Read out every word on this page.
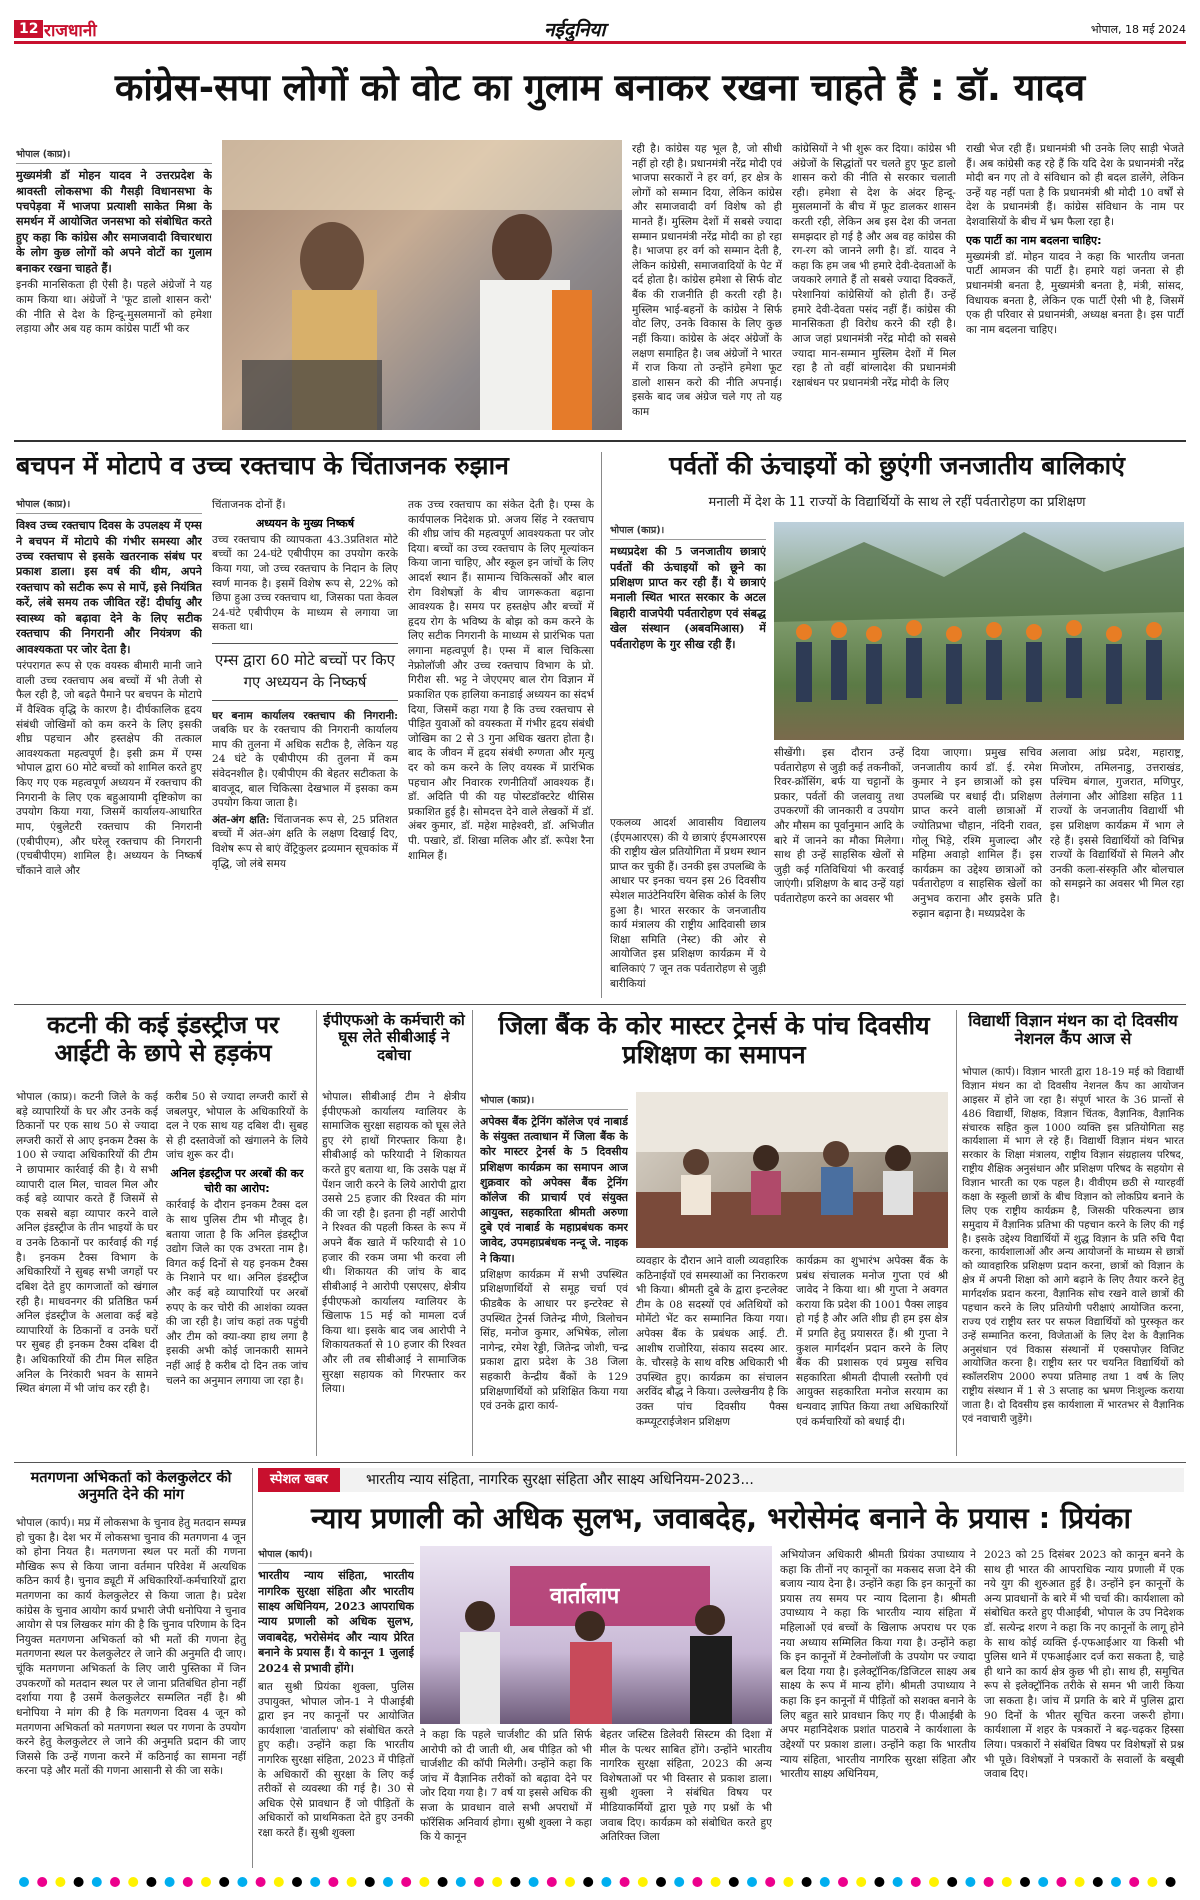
12 राजधानी	नईदुनिया	भोपाल, 18 मई 2024
कांग्रेस-सपा लोगों को वोट का गुलाम बनाकर रखना चाहते हैं : डॉ. यादव
भोपाल (काप्र)।

मुख्यमंत्री डॉ मोहन यादव ने उत्तरप्रदेश के श्रावस्ती लोकसभा की गैसड़ी विधानसभा के पचपेड़वा में भाजपा प्रत्याशी साकेत मिश्रा के समर्थन में आयोजित जनसभा को संबोधित करते हुए कहा कि कांग्रेस और समाजवादी विचारधारा के लोग कुछ लोगों को अपने वोटों का गुलाम बनाकर रखना चाहते हैं।

इनकी मानसिकता ही ऐसी है। पहले अंग्रेजों ने यह काम किया था। अंग्रेजों ने 'फूट डालो शासन करो' की नीति से देश के हिन्दू-मुसलमानों को हमेशा लड़ाया और अब यह काम कांग्रेस पार्टी भी कर

रही है। कांग्रेस यह भूल है, जो सीधी नहीं हो रही है। प्रधानमंत्री नरेंद्र मोदी एवं भाजपा सरकारों ने हर वर्ग, हर क्षेत्र के लोगों को सम्मान दिया, लेकिन कांग्रेस और समाजवादी वर्ग विशेष को ही मानते हैं। मुस्लिम देशों में सबसे ज्यादा सम्मान प्रधानमंत्री नरेंद्र मोदी का हो रहा है। भाजपा हर वर्ग को सम्मान देती है, लेकिन कांग्रेसी, समाजवादियों के पेट में दर्द होता है। कांग्रेस हमेशा से सिर्फ वोट बैंक की राजनीति ही करती रही है। मुस्लिम भाई-बहनों के कांग्रेस ने सिर्फ वोट लिए, उनके विकास के लिए कुछ नहीं किया। कांग्रेस के अंदर अंग्रेजों के लक्षण समाहित है। जब अंग्रेजों ने भारत में राज किया तो उन्होंने हमेशा फूट डालो शासन करो की नीति अपनाई। इसके बाद जब अंग्रेज चले गए तो यह काम
कांग्रेसियों ने भी शुरू कर दिया। कांग्रेस भी अंग्रेजों के सिद्धांतों पर चलते हुए फूट डालो शासन करो की नीति से सरकार चलाती रही। हमेशा से देश के अंदर हिन्दू-मुसलमानों के बीच में फूट डालकर शासन करती रही, लेकिन अब इस देश की जनता समझदार हो गई है और अब वह कांग्रेस की रग-रग को जानने लगी है। डॉ. यादव ने कहा कि हम जब भी हमारे देवी-देवताओं के जयकारे लगाते हैं तो सबसे ज्यादा दिक्कतें, परेशानियां कांग्रेसियों को होती हैं। उन्हें हमारे देवी-देवता पसंद नहीं हैं। कांग्रेस की मानसिकता ही विरोध करने की रही है। आज जहां प्रधानमंत्री नरेंद्र मोदी को सबसे ज्यादा मान-सम्मान मुस्लिम देशों में मिल रहा है तो वहीं बांग्लादेश की प्रधानमंत्री रक्षाबंधन पर प्रधानमंत्री नरेंद्र मोदी के लिए

राखी भेज रही हैं। प्रधानमंत्री भी उनके लिए साड़ी भेजते हैं। अब कांग्रेसी कह रहे हैं कि यदि देश के प्रधानमंत्री नरेंद्र मोदी बन गए तो वे संविधान को ही बदल डालेंगे, लेकिन उन्हें यह नहीं पता है कि प्रधानमंत्री श्री मोदी 10 वर्षों से देश के प्रधानमंत्री हैं। कांग्रेस संविधान के नाम पर देशवासियों के बीच में भ्रम फैला रहा है।

एक पार्टी का नाम बदलना चाहिए:

मुख्यमंत्री डॉ. मोहन यादव ने कहा कि भारतीय जनता पार्टी आमजन की पार्टी है। हमारे यहां जनता से ही प्रधानमंत्री बनता है, मुख्यमंत्री बनता है, मंत्री, सांसद, विधायक बनता है, लेकिन एक पार्टी ऐसी भी है, जिसमें एक ही परिवार से प्रधानमंत्री, अध्यक्ष बनता है। इस पार्टी का नाम बदलना चाहिए।

बचपन में मोटापे व उच्च रक्तचाप के चिंताजनक रुझान
भोपाल (काप्र)।

विश्व उच्च रक्तचाप दिवस के उपलक्ष्य में एम्स ने बचपन में मोटापे की गंभीर समस्या और उच्च रक्तचाप से इसके खतरनाक संबंध पर प्रकाश डाला। इस वर्ष की थीम, अपने रक्तचाप को सटीक रूप से मापें, इसे नियंत्रित करें, लंबे समय तक जीवित रहें! दीर्घायु और स्वास्थ्य को बढ़ावा देने के लिए सटीक रक्तचाप की निगरानी और नियंत्रण की आवश्यकता पर जोर देता है।

परंपरागत रूप से एक वयस्क बीमारी मानी जाने वाली उच्च रक्तचाप अब बच्चों में भी तेजी से फैल रही है, जो बढ़ते पैमाने पर बचपन के मोटापे में वैश्विक वृद्धि के कारण है। दीर्घकालिक हृदय संबंधी जोखिमों को कम करने के लिए इसकी शीघ्र पहचान और हस्तक्षेप की तत्काल आवश्यकता महत्वपूर्ण है। इसी क्रम में एम्स भोपाल द्वारा 60 मोटे बच्चों को शामिल करते हुए किए गए एक महत्वपूर्ण अध्ययन में रक्तचाप की निगरानी के लिए एक बहुआयामी दृष्टिकोण का उपयोग किया गया, जिसमें कार्यालय-आधारित माप, एंबुलेटरी रक्तचाप की निगरानी (एबीपीएम), और घरेलू रक्तचाप की निगरानी (एचबीपीएम) शामिल है। अध्ययन के निष्कर्ष चौंकाने वाले और

चिंताजनक दोनों हैं।

अध्ययन के मुख्य निष्कर्ष

उच्च रक्तचाप की व्यापकता 43.3प्रतिशत मोटे बच्चों का 24-घंटे एबीपीएम का उपयोग करके किया गया, जो उच्च रक्तचाप के निदान के लिए स्वर्ण मानक है। इसमें विशेष रूप से, 22% को छिपा हुआ उच्च रक्तचाप था, जिसका पता केवल 24-घंटे एबीपीएम के माध्यम से लगाया जा सकता था।

एम्स द्वारा 60 मोटे बच्चों पर किए गए अध्ययन के निष्कर्ष

घर बनाम कार्यालय रक्तचाप की निगरानी: जबकि घर के रक्तचाप की निगरानी कार्यालय माप की तुलना में अधिक सटीक है, लेकिन यह 24 घंटे के एबीपीएम की तुलना में कम संवेदनशील है। एबीपीएम की बेहतर सटीकता के बावजूद, बाल चिकित्सा देखभाल में इसका कम उपयोग किया जाता है।

अंत-अंग क्षति: चिंताजनक रूप से, 25 प्रतिशत बच्चों में अंत-अंग क्षति के लक्षण दिखाई दिए, विशेष रूप से बाएं वेंट्रिकुलर द्रव्यमान सूचकांक में वृद्धि, जो लंबे समय

तक उच्च रक्तचाप का संकेत देती है। एम्स के कार्यपालक निदेशक प्रो. अजय सिंह ने रक्तचाप की शीघ्र जांच की महत्वपूर्ण आवश्यकता पर जोर दिया। बच्चों का उच्च रक्तचाप के लिए मूल्यांकन किया जाना चाहिए, और स्कूल इन जांचों के लिए आदर्श स्थान हैं। सामान्य चिकित्सकों और बाल रोग विशेषज्ञों के बीच जागरूकता बढ़ाना आवश्यक है। समय पर हस्तक्षेप और बच्चों में हृदय रोग के भविष्य के बोझ को कम करने के लिए सटीक निगरानी के माध्यम से प्रारंभिक पता लगाना महत्वपूर्ण है। एम्स में बाल चिकित्सा नेफ्रोलॉजी और उच्च रक्तचाप विभाग के प्रो. गिरीश सी. भट्ट ने जेएएमए बाल रोग विज्ञान में प्रकाशित एक हालिया कनाडाई अध्ययन का संदर्भ दिया, जिसमें कहा गया है कि उच्च रक्तचाप से पीड़ित युवाओं को वयस्कता में गंभीर हृदय संबंधी जोखिम का 2 से 3 गुना अधिक खतरा होता है। बाद के जीवन में हृदय संबंधी रुग्णता और मृत्यु दर को कम करने के लिए वयस्क में प्रारंभिक पहचान और निवारक रणनीतियाँ आवश्यक हैं। डॉ. अदिति पी की यह पोस्टडॉक्टरेट थीसिस प्रकाशित हुई है। सोमदत्त देने वाले लेखकों में डॉ. अंबर कुमार, डॉ. महेश माहेश्वरी, डॉ. अभिजीत पी. पखारे, डॉ. शिखा मलिक और डॉ. रूपेश रैना शामिल हैं।
पर्वतों की ऊंचाइयों को छुएंगी जनजातीय बालिकाएं
मनाली में देश के 11 राज्यों के विद्यार्थियों के साथ ले रहीं पर्वतारोहण का प्रशिक्षण
भोपाल (काप्र)।

मध्यप्रदेश की 5 जनजातीय छात्राएं पर्वतों की ऊंचाइयों को छूने का प्रशिक्षण प्राप्त कर रही हैं। ये छात्राएं मनाली स्थित भारत सरकार के अटल बिहारी वाजपेयी पर्वतारोहण एवं संबद्ध खेल संस्थान (अबवमिआस) में पर्वतारोहण के गुर सीख रही हैं।

एकलव्य आदर्श आवासीय विद्यालय (ईएमआरएस) की ये छात्राएं ईएमआरएस की राष्ट्रीय खेल प्रतियोगिता में प्रथम स्थान प्राप्त कर चुकी हैं। उनकी इस उपलब्धि के आधार पर इनका चयन इस 26 दिवसीय स्पेशल माउंटेनियरिंग बेसिक कोर्स के लिए हुआ है। भारत सरकार के जनजातीय कार्य मंत्रालय की राष्ट्रीय आदिवासी छात्र शिक्षा समिति (नेस्ट) की ओर से आयोजित इस प्रशिक्षण कार्यक्रम में ये बालिकाएं 7 जून तक पर्वतारोहण से जुड़ी बारीकियां
सीखेंगी। इस दौरान उन्हें पर्वतारोहण से जुड़ी कई तकनीकों, रिवर-क्रॉसिंग, बर्फ या चट्टानों के प्रकार, पर्वतों की जलवायु तथा उपकरणों की जानकारी व उपयोग और मौसम का पूर्वानुमान आदि के बारे में जानने का मौका मिलेगा। साथ ही उन्हें साहसिक खेलों से जुड़ी कई गतिविधियां भी करवाई जाएंगी। प्रशिक्षण के बाद उन्हें यहां पर्वतारोहण करने का अवसर भी
दिया जाएगा। प्रमुख सचिव जनजातीय कार्य डॉ. ई. रमेश कुमार ने इन छात्राओं को इस उपलब्धि पर बधाई दी। प्रशिक्षण प्राप्त करने वाली छात्राओं में ज्योतिप्रभा चौहान, नंदिनी रावत, गोलू भिड़े, रश्मि मुजाल्दा और महिमा अवाड़ो शामिल हैं। इस कार्यक्रम का उद्देश्य छात्राओं को पर्वतारोहण व साहसिक खेलों का अनुभव कराना और इसके प्रति रुझान बढ़ाना है। मध्यप्रदेश के
अलावा आंध्र प्रदेश, महाराष्ट्र, मिजोरम, तमिलनाडु, उत्तराखंड, पश्चिम बंगाल, गुजरात, मणिपुर, तेलंगाना और ओडिशा सहित 11 राज्यों के जनजातीय विद्यार्थी भी इस प्रशिक्षण कार्यक्रम में भाग ले रहे हैं। इससे विद्यार्थियों को विभिन्न राज्यों के विद्यार्थियों से मिलने और उनकी कला-संस्कृति और बोलचाल को समझने का अवसर भी मिल रहा है।
कटनी की कई इंडस्ट्रीज पर आईटी के छापे से हड़कंप
भोपाल (काप्र)। कटनी जिले के कई बड़े व्यापारियों के घर और उनके कई ठिकानों पर एक साथ 50 से ज्यादा लग्जरी कारों से आए इनकम टैक्स के 100 से ज्यादा अधिकारियों की टीम ने छापामार कार्रवाई की है। ये सभी व्यापारी दाल मिल, चावल मिल और कई बड़े व्यापार करते हैं जिसमें से एक सबसे बड़ा व्यापार करने वाले अनिल इंडस्ट्रीज के तीन भाइयों के घर व उनके ठिकानों पर कार्रवाई की गई है। इनकम टैक्स विभाग के अधिकारियों ने सुबह सभी जगहों पर दबिश देते हुए कागजातों को खंगाल रही है। माधवनगर की प्रतिष्ठित फर्म अनिल इंडस्ट्रीज के अलावा कई बड़े व्यापारियों के ठिकानों व उनके घरों पर सुबह ही इनकम टैक्स दबिश दी है। अधिकारियों की टीम मिल सहित अनिल के निरंकारी भवन के सामने स्थित बंगला में भी जांच कर रही है।

करीब 50 से ज्यादा लग्जरी कारों से जबलपुर, भोपाल के अधिकारियों के दल ने एक साथ यह दबिश दी। सुबह से ही दस्तावेजों को खंगालने के लिये जांच शुरू कर दी।

अनिल इंडस्ट्रीज पर अरबों की कर चोरी का आरोप:

कार्रवाई के दौरान इनकम टैक्स दल के साथ पुलिस टीम भी मौजूद है। बताया जाता है कि अनिल इंडस्ट्रीज उद्योग जिले का एक उभरता नाम है। विगत कई दिनों से यह इनकम टैक्स के निशाने पर था। अनिल इंडस्ट्रीज और कई बड़े व्यापारियों पर अरबों रुपए के कर चोरी की आशंका व्यक्त की जा रही है। जांच कहां तक पहुंची और टीम को क्या-क्या हाथ लगा है इसकी अभी कोई जानकारी सामने नहीं आई है करीब दो दिन तक जांच चलने का अनुमान लगाया जा रहा है।

ईपीएफओ के कर्मचारी को घूस लेते सीबीआई ने दबोचा
भोपाल। सीबीआई टीम ने क्षेत्रीय ईपीएफओ कार्यालय ग्वालियर के सामाजिक सुरक्षा सहायक को घूस लेते हुए रंगे हाथों गिरफ्तार किया है। सीबीआई को फरियादी ने शिकायत करते हुए बताया था, कि उसके पक्ष में पेंशन जारी करने के लिये आरोपी द्वारा उससे 25 हजार की रिश्वत की मांग की जा रही है। इतना ही नहीं आरोपी ने रिश्वत की पहली किस्त के रूप में अपने बैंक खाते में फरियादी से 10 हजार की रकम जमा भी करवा ली थी। शिकायत की जांच के बाद सीबीआई ने आरोपी एसएसए, क्षेत्रीय ईपीएफओ कार्यालय ग्वालियर के खिलाफ 15 मई को मामला दर्ज किया था। इसके बाद जब आरोपी ने शिकायतकर्ता से 10 हजार की रिश्वत और ली तब सीबीआई ने सामाजिक सुरक्षा सहायक को गिरफ्तार कर लिया।
जिला बैंक के कोर मास्टर ट्रेनर्स के पांच दिवसीय प्रशिक्षण का समापन
भोपाल (काप्र)।

अपेक्स बैंक ट्रेनिंग कॉलेज एवं नाबार्ड के संयुक्त तत्वाधान में जिला बैंक के कोर मास्टर ट्रेनर्स के 5 दिवसीय प्रशिक्षण कार्यक्रम का समापन आज शुक्रवार को अपेक्स बैंक ट्रेनिंग कॉलेज की प्राचार्य एवं संयुक्त आयुक्त, सहकारिता श्रीमती अरुणा दुबे एवं नाबार्ड के महाप्रबंधक कमर जावेद, उपमहाप्रबंधक नन्दू जे. नाइक ने किया।

प्रशिक्षण कार्यक्रम में सभी उपस्थित प्रशिक्षणार्थियों से समूह चर्चा एवं फीडबैक के आधार पर इन्टरेक्ट से उपस्थित ट्रेनर्स जितेन्द्र मीणे, त्रिलोचन सिंह, मनोज कुमार, अभिषेक, लोला नागेन्द्र, रमेश रेड्डी, जितेन्द्र जोशी, चन्द्र प्रकाश द्वारा प्रदेश के 38 जिला सहकारी केन्द्रीय बैंकों के 129 प्रशिक्षणार्थियों को प्रशिक्षित किया गया एवं उनके द्वारा कार्य-

व्यवहार के दौरान आने वाली व्यवहारिक कठिनाईयों एवं समस्याओं का निराकरण भी किया। श्रीमती दुबे के द्वारा इन्टलेक्ट टीम के 08 सदस्यों एवं अतिथियों को मोमेंटो भेंट कर सम्मानित किया गया। अपेक्स बैंक के प्रबंधक आई. टी. आशीष राजोरिया, संकाय सदस्य आर. के. चौरसड़े के साथ वरिष्ठ अधिकारी भी उपस्थित हुए। कार्यक्रम का संचालन अरविंद बौद्ध ने किया। उल्लेखनीय है कि उक्त पांच दिवसीय पैक्स कम्प्यूटराईजेशन प्रशिक्षण
कार्यक्रम का शुभारंभ अपेक्स बैंक के प्रबंध संचालक मनोज गुप्ता एवं श्री जावेद ने किया था। श्री गुप्ता ने अवगत कराया कि प्रदेश की 1001 पैक्स लाइव हो गई है और अति शीघ्र ही हम इस क्षेत्र में प्रगति हेतु प्रयासरत हैं। श्री गुप्ता ने कुशल मार्गदर्शन प्रदान करने के लिए बैंक की प्रशासक एवं प्रमुख सचिव सहकारिता श्रीमती दीपाली रस्तोगी एवं आयुक्त सहकारिता मनोज सरयाम का धन्यवाद ज्ञापित किया तथा अधिकारियों एवं कर्मचारियों को बधाई दी।
विद्यार्थी विज्ञान मंथन का दो दिवसीय नेशनल कैंप आज से
भोपाल (कार्प)। विज्ञान भारती द्वारा 18-19 मई को विद्यार्थी विज्ञान मंथन का दो दिवसीय नेशनल कैंप का आयोजन आइसर में होने जा रहा है। संपूर्ण भारत के 36 प्रान्तों से 486 विद्यार्थी, शिक्षक, विज्ञान चिंतक, वैज्ञानिक, वैज्ञानिक संचारक सहित कुल 1000 व्यक्ति इस प्रतियोगिता सह कार्यशाला में भाग ले रहे हैं। विद्यार्थी विज्ञान मंथन भारत सरकार के शिक्षा मंत्रालय, राष्ट्रीय विज्ञान संग्रहालय परिषद, राष्ट्रीय शैक्षिक अनुसंधान और प्रशिक्षण परिषद के सहयोग से विज्ञान भारती का एक पहल है। वीवीएम छठी से ग्यारहवीं कक्षा के स्कूली छात्रों के बीच विज्ञान को लोकप्रिय बनाने के लिए एक राष्ट्रीय कार्यक्रम है, जिसकी परिकल्पना छात्र समुदाय में वैज्ञानिक प्रतिभा की पहचान करने के लिए की गई है। इसके उद्देश्य विद्यार्थियों में शुद्ध विज्ञान के प्रति रुचि पैदा करना, कार्यशालाओं और अन्य आयोजनों के माध्यम से छात्रों को व्यावहारिक प्रशिक्षण प्रदान करना, छात्रों को विज्ञान के क्षेत्र में अपनी शिक्षा को आगे बढ़ाने के लिए तैयार करने हेतु मार्गदर्शक प्रदान करना, वैज्ञानिक सोच रखने वाले छात्रों की पहचान करने के लिए प्रतियोगी परीक्षाएं आयोजित करना, राज्य एवं राष्ट्रीय स्तर पर सफल विद्यार्थियों को पुरस्कृत कर उन्हें सम्मानित करना, विजेताओं के लिए देश के वैज्ञानिक अनुसंधान एवं विकास संस्थानों में एक्सपोज़र विजिट आयोजित करना है। राष्ट्रीय स्तर पर चयनित विद्यार्थियों को स्कॉलरशिप 2000 रुपया प्रतिमाह तथा 1 वर्ष के लिए राष्ट्रीय संस्थान में 1 से 3 सप्ताह का भ्रमण निःशुल्क कराया जाता है। दो दिवसीय इस कार्यशाला में भारतभर से वैज्ञानिक एवं नवाचारी जुड़ेंगे।
मतगणना अभिकर्ता को केलकुलेटर की अनुमति देने की मांग
भोपाल (कार्प)। मप्र में लोकसभा के चुनाव हेतु मतदान सम्पन्न हो चुका है। देश भर में लोकसभा चुनाव की मतगणना 4 जून को होना नियत है। मतगणना स्थल पर मतों की गणना मौखिक रूप से किया जाना वर्तमान परिवेश में अत्यधिक कठिन कार्य है। चुनाव ड्यूटी में अधिकारियों-कर्मचारियों द्वारा मतगणना का कार्य केलकुलेटर से किया जाता है। प्रदेश कांग्रेस के चुनाव आयोग कार्य प्रभारी जेपी धनोपिया ने चुनाव आयोग से पत्र लिखकर मांग की है कि चुनाव परिणाम के दिन नियुक्त मतगणना अभिकर्ता को भी मतों की गणना हेतु मतगणना स्थल पर केलकुलेटर ले जाने की अनुमति दी जाए। चूंकि मतगणना अभिकर्ता के लिए जारी पुस्तिका में जिन उपकरणों को मतदान स्थल पर ले जाना प्रतिबंधित होना नहीं दर्शाया गया है उसमें केलकुलेटर सम्मलित नहीं है। श्री धनोपिया ने मांग की है कि मतगणना दिवस 4 जून को मतगणना अभिकर्ता को मतगणना स्थल पर गणना के उपयोग करने हेतु केलकुलेटर ले जाने की अनुमति प्रदान की जाए जिससे कि उन्हें गणना करने में कठिनाई का सामना नहीं करना पड़े और मतों की गणना आसानी से की जा सके।
स्पेशल खबर	भारतीय न्याय संहिता, नागरिक सुरक्षा संहिता और साक्ष्य अधिनियम-2023...
न्याय प्रणाली को अधिक सुलभ, जवाबदेह, भरोसेमंद बनाने के प्रयास : प्रियंका
भोपाल (कार्प)।

भारतीय न्याय संहिता, भारतीय नागरिक सुरक्षा संहिता और भारतीय साक्ष्य अधिनियम, 2023 आपराधिक न्याय प्रणाली को अधिक सुलभ, जवाबदेह, भरोसेमंद और न्याय प्रेरित बनाने के प्रयास हैं। ये कानून 1 जुलाई 2024 से प्रभावी होंगे।

वार्तालाप
ने कहा कि पहले चार्जशीट की प्रति सिर्फ आरोपी को दी जाती थी, अब पीड़ित को भी चार्जशीट की कॉपी मिलेगी। उन्होंने कहा कि जांच में वैज्ञानिक तरीकों को बढ़ावा देने पर जोर दिया गया है। 7 वर्ष या इससे अधिक की सजा के प्रावधान वाले सभी अपराधों में फॉरेंसिक अनिवार्य होगा। सुश्री शुक्ला ने कहा कि ये कानून
बेहतर जस्टिस डिलेवरी सिस्टम की दिशा में मील के पत्थर साबित होंगे। उन्होंने भारतीय नागरिक सुरक्षा संहिता, 2023 की अन्य विशेषताओं पर भी विस्तार से प्रकाश डाला। सुश्री शुक्ला ने संबंधित विषय पर मीडियाकर्मियों द्वारा पूछे गए प्रश्नों के भी जवाब दिए। कार्यक्रम को संबोधित करते हुए अतिरिक्त जिला
अभियोजन अधिकारी श्रीमती प्रियंका उपाध्याय ने कहा कि तीनों नए कानूनों का मकसद सजा देने की बजाय न्याय देना है। उन्होंने कहा कि इन कानूनों का प्रयास तय समय पर न्याय दिलाना है। श्रीमती उपाध्याय ने कहा कि भारतीय न्याय संहिता में महिलाओं एवं बच्चों के खिलाफ अपराध पर एक नया अध्याय सम्मिलित किया गया है। उन्होंने कहा कि इन कानूनों में टेक्नोलॉजी के उपयोग पर ज्यादा बल दिया गया है। इलेक्ट्रॉनिक/डिजिटल साक्ष्य अब साक्ष्य के रूप में मान्य होंगे। श्रीमती उपाध्याय ने कहा कि इन कानूनों में पीड़ितों को सशक्त बनाने के लिए बहुत सारे प्रावधान किए गए हैं। पीआईबी के अपर महानिदेशक प्रशांत पाठराबे ने कार्यशाला के उद्देश्यों पर प्रकाश डाला। उन्होंने कहा कि भारतीय न्याय संहिता, भारतीय नागरिक सुरक्षा संहिता और भारतीय साक्ष्य अधिनियम,
2023 को 25 दिसंबर 2023 को कानून बनने के साथ ही भारत की आपराधिक न्याय प्रणाली में एक नये युग की शुरुआत हुई है। उन्होंने इन कानूनों के अन्य प्रावधानों के बारे में भी चर्चा की। कार्यशाला को संबोधित करते हुए पीआईबी, भोपाल के उप निदेशक डॉ. सत्येन्द्र शरण ने कहा कि नए कानूनों के लागू होने के साथ कोई व्यक्ति ई-एफआईआर या किसी भी पुलिस थाने में एफआईआर दर्ज करा सकता है, चाहे ही थाने का कार्य क्षेत्र कुछ भी हो। साथ ही, समुचित रूप से इलेक्ट्रॉनिक तरीके से समन भी जारी किया जा सकता है। जांच में प्रगति के बारे में पुलिस द्वारा 90 दिनों के भीतर सूचित करना जरूरी होगा। कार्यशाला में शहर के पत्रकारों ने बढ़-चढ़कर हिस्सा लिया। पत्रकारों ने संबंधित विषय पर विशेषज्ञों से प्रश्न भी पूछे। विशेषज्ञों ने पत्रकारों के सवालों के बखूबी जवाब दिए।
बात सुश्री प्रियंका शुक्ला, पुलिस उपायुक्त, भोपाल जोन-1 ने पीआईबी द्वारा इन नए कानूनों पर आयोजित कार्यशाला 'वार्तालाप' को संबोधित करते हुए कही। उन्होंने कहा कि भारतीय नागरिक सुरक्षा संहिता, 2023 में पीड़ितों के अधिकारों की सुरक्षा के लिए कई तरीकों से व्यवस्था की गई है। 30 से अधिक ऐसे प्रावधान हैं जो पीड़ितों के अधिकारों को प्राथमिकता देते हुए उनकी रक्षा करते हैं। सुश्री शुक्ला
